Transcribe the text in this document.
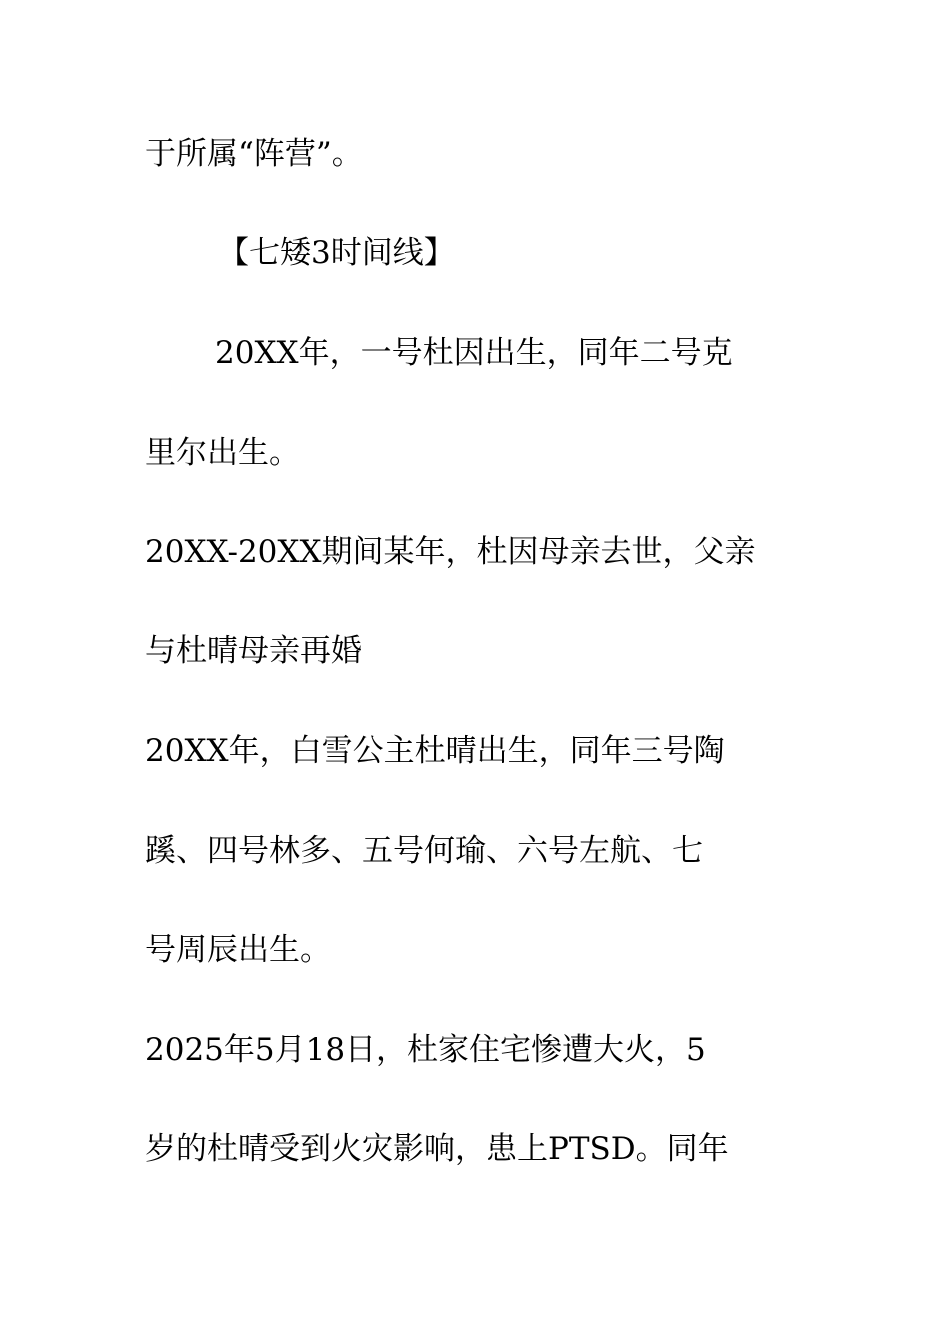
于所属“阵营”。
【七矮3时间线】
20XX年，一号杜因出生，同年二号克
里尔出生。
20XX-20XX期间某年，杜因母亲去世，父亲
与杜晴母亲再婚
20XX年，白雪公主杜晴出生，同年三号陶
蹊、四号林多、五号何瑜、六号左航、七
号周辰出生。
2025年5月18日，杜家住宅惨遭大火，5
岁的杜晴受到火灾影响，患上PTSD。同年
